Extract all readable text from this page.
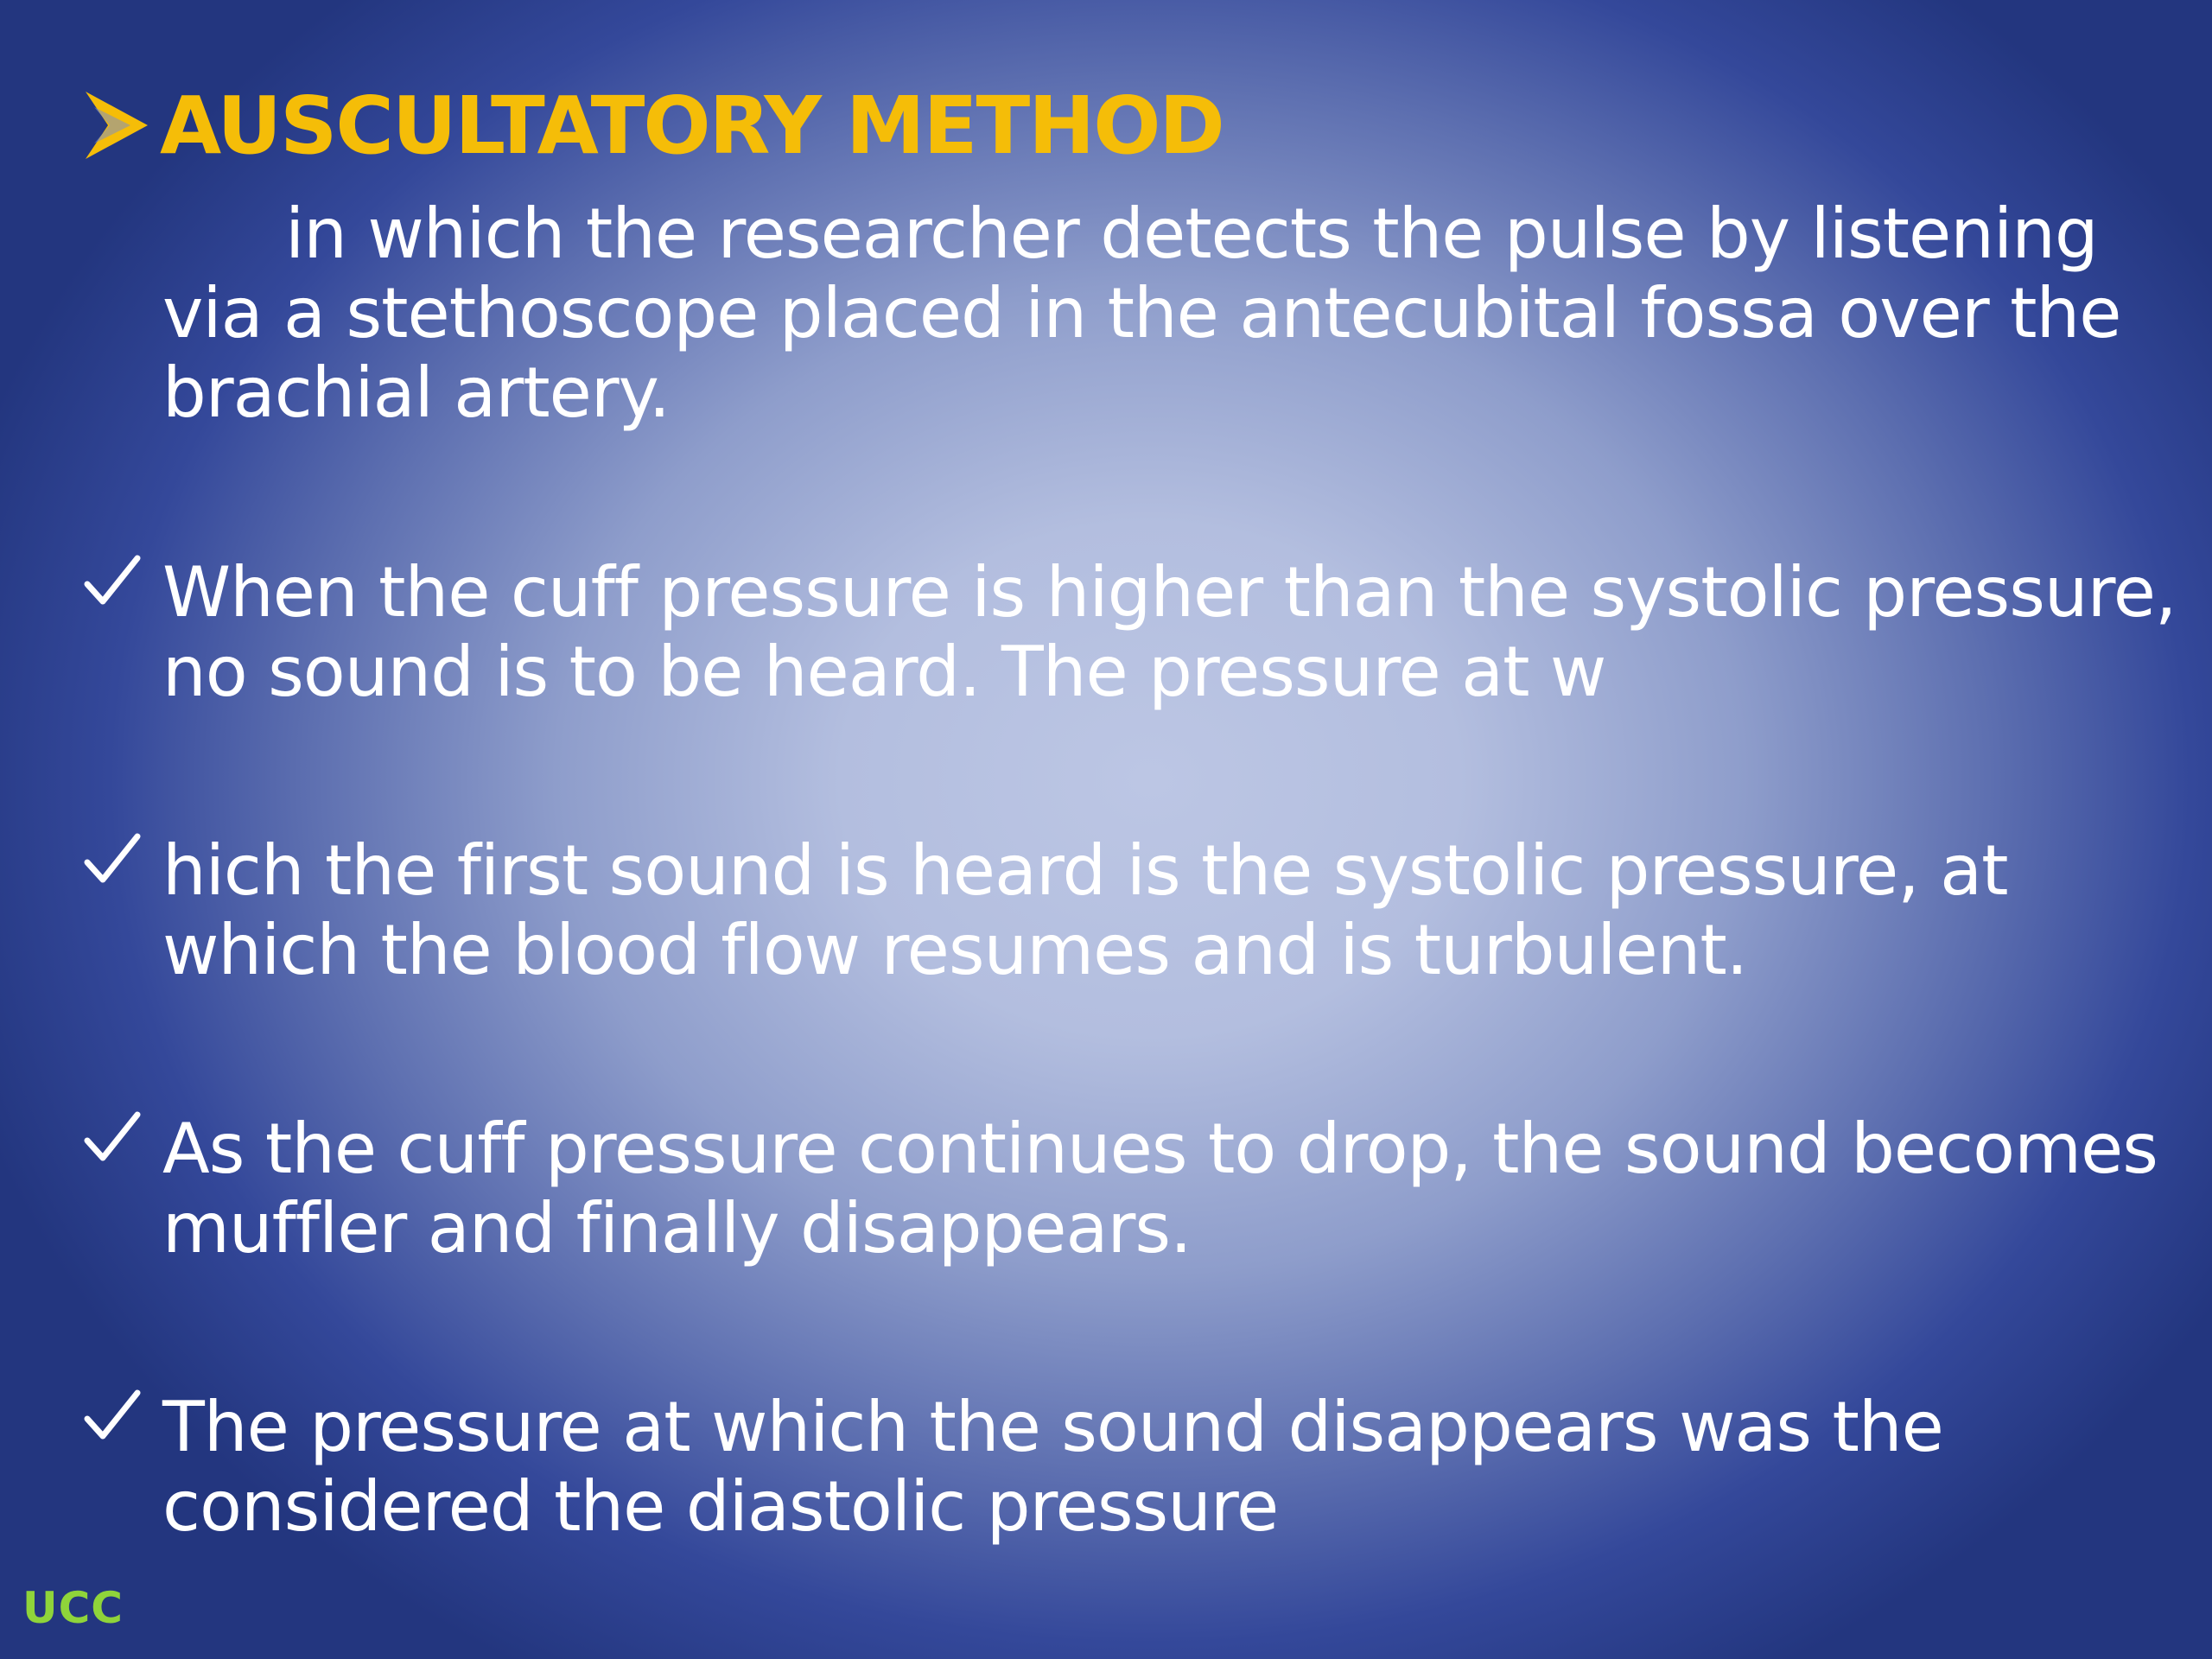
AUSCULTATORY METHOD
in which the researcher detects the pulse by listening via a stethoscope placed in the antecubital fossa over the brachial artery.
When the cuff pressure is higher than the systolic pressure, no sound is to be heard. The pressure at w
hich the first sound is heard is the systolic pressure, at which the blood flow resumes and is turbulent.
As the cuff pressure continues to drop, the sound becomes muffler and finally disappears.
The pressure at which the sound disappears was the considered the diastolic pressure
UCC
